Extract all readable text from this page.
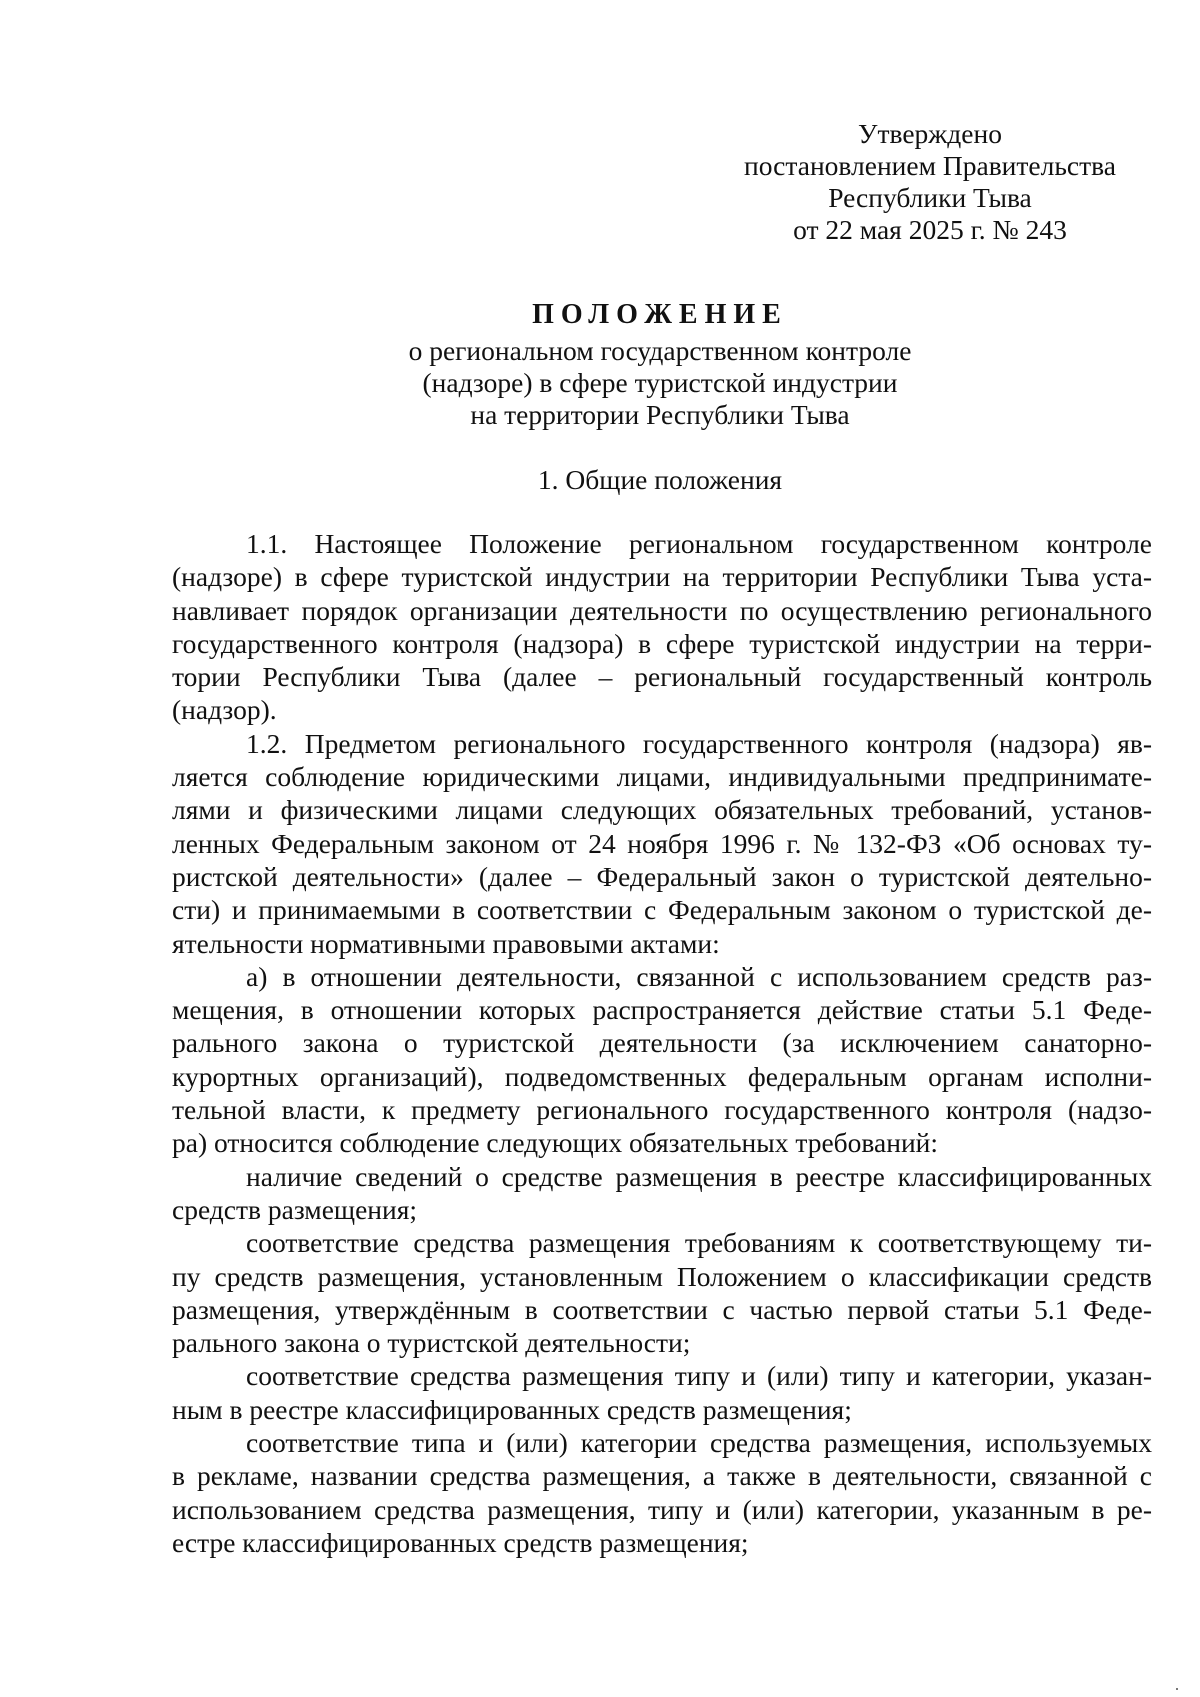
Утверждено
постановлением Правительства
Республики Тыва
от 22 мая 2025 г. № 243
ПОЛОЖЕНИЕ
о региональном государственном контроле
(надзоре) в сфере туристской индустрии
на территории Республики Тыва
1. Общие положения
1.1. Настоящее Положение региональном государственном контроле
(надзоре) в сфере туристской индустрии на территории Республики Тыва уста-
навливает порядок организации деятельности по осуществлению регионального
государственного контроля (надзора) в сфере туристской индустрии на терри-
тории Республики Тыва (далее – региональный государственный контроль
(надзор).
1.2. Предметом регионального государственного контроля (надзора) яв-
ляется соблюдение юридическими лицами, индивидуальными предпринимате-
лями и физическими лицами следующих обязательных требований, установ-
ленных Федеральным законом от 24 ноября 1996 г. № 132-ФЗ «Об основах ту-
ристской деятельности» (далее – Федеральный закон о туристской деятельно-
сти) и принимаемыми в соответствии с Федеральным законом о туристской де-
ятельности нормативными правовыми актами:
а) в отношении деятельности, связанной с использованием средств раз-
мещения, в отношении которых распространяется действие статьи 5.1 Феде-
рального закона о туристской деятельности (за исключением санаторно-
курортных организаций), подведомственных федеральным органам исполни-
тельной власти, к предмету регионального государственного контроля (надзо-
ра) относится соблюдение следующих обязательных требований:
наличие сведений о средстве размещения в реестре классифицированных
средств размещения;
соответствие средства размещения требованиям к соответствующему ти-
пу средств размещения, установленным Положением о классификации средств
размещения, утверждённым в соответствии с частью первой статьи 5.1 Феде-
рального закона о туристской деятельности;
соответствие средства размещения типу и (или) типу и категории, указан-
ным в реестре классифицированных средств размещения;
соответствие типа и (или) категории средства размещения, используемых
в рекламе, названии средства размещения, а также в деятельности, связанной с
использованием средства размещения, типу и (или) категории, указанным в ре-
естре классифицированных средств размещения;
